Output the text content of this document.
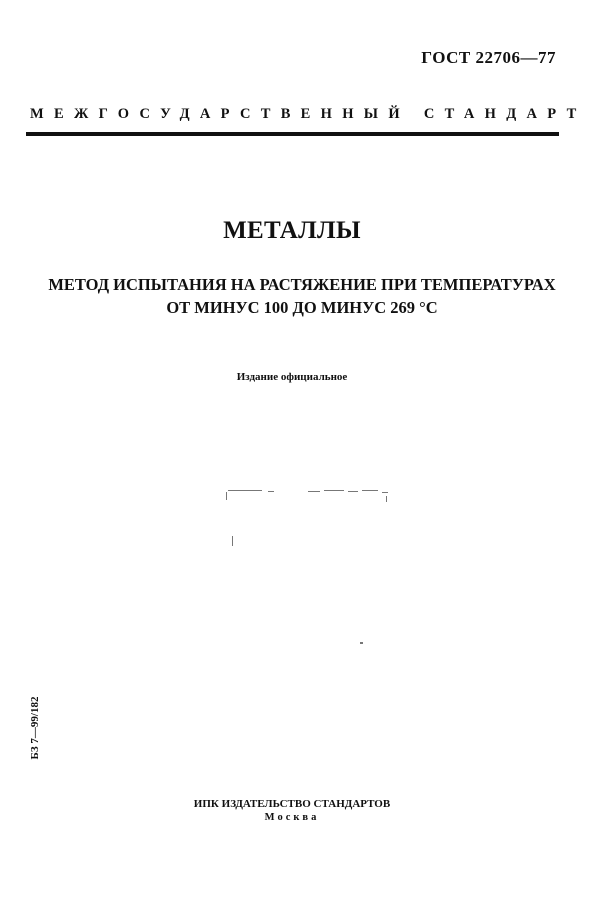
ГОСТ 22706—77
МЕЖГОСУДАРСТВЕННЫЙ СТАНДАРТ
МЕТАЛЛЫ
МЕТОД ИСПЫТАНИЯ НА РАСТЯЖЕНИЕ ПРИ ТЕМПЕРАТУРАХ
ОТ МИНУС 100 ДО МИНУС 269 °С
Издание официальное
БЗ 7—99/182
ИПК ИЗДАТЕЛЬСТВО СТАНДАРТОВ
Москва
